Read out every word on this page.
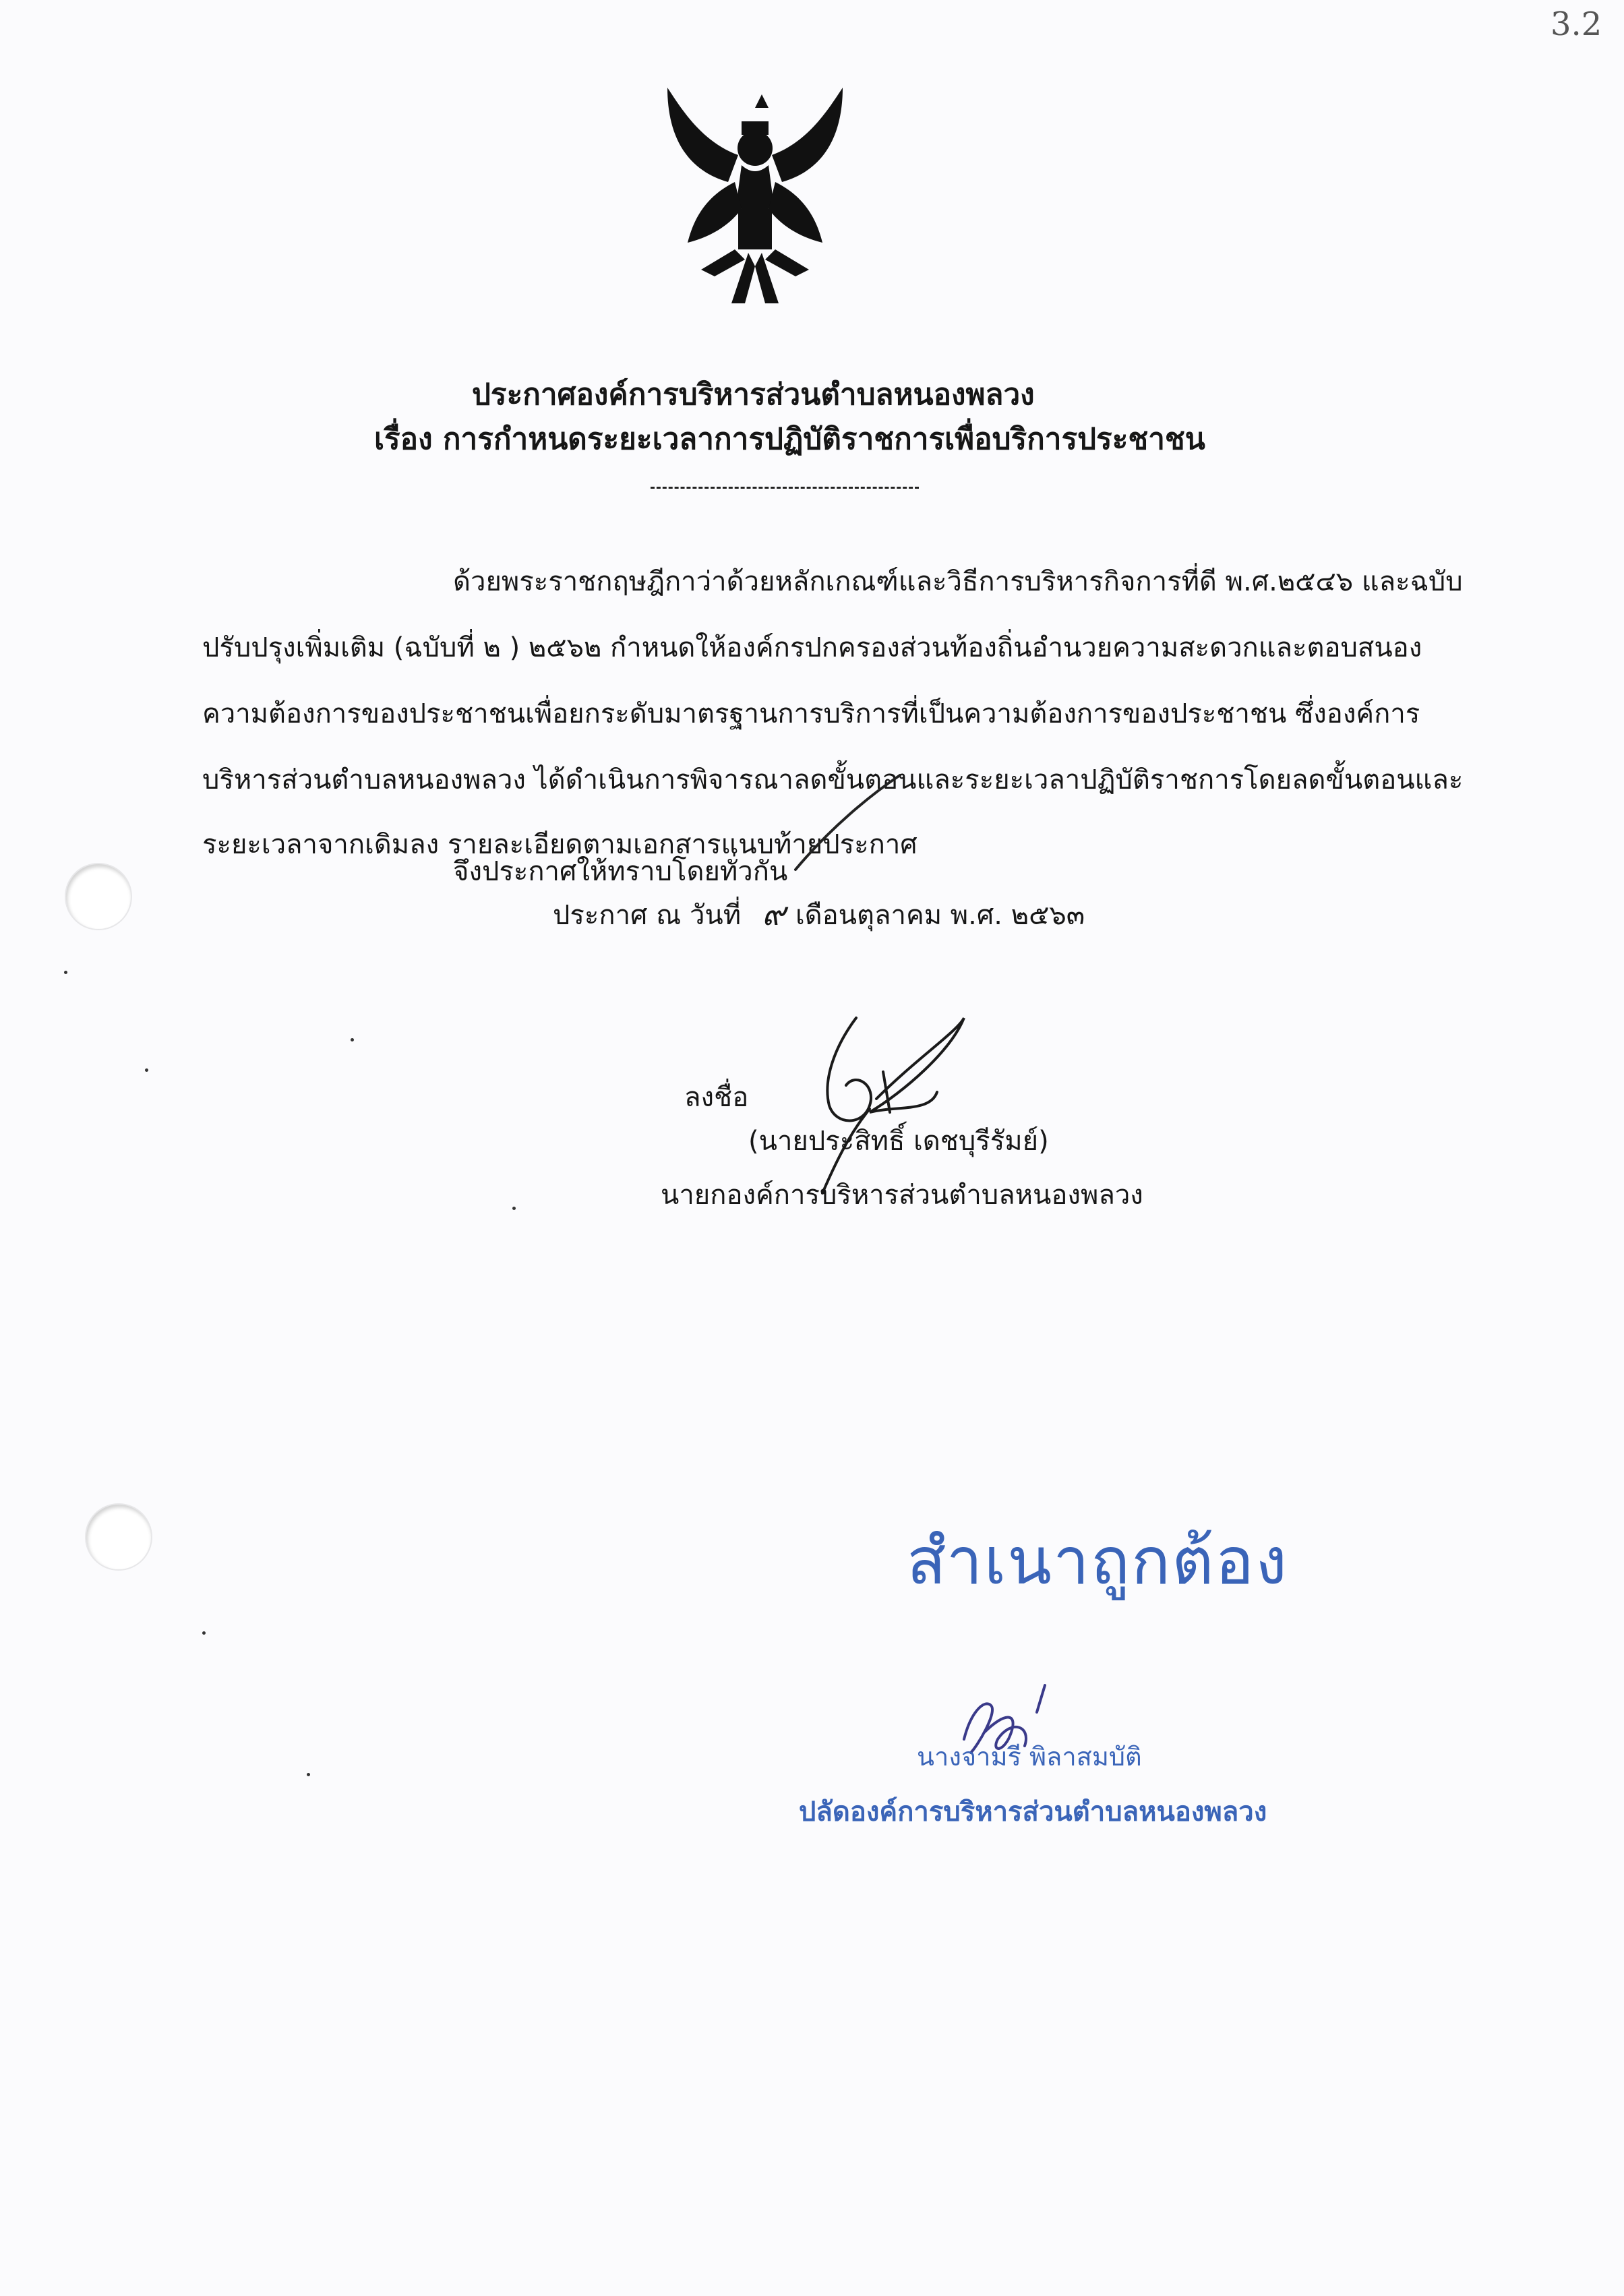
3.2
ประกาศองค์การบริหารส่วนตำบลหนองพลวง
เรื่อง การกำหนดระยะเวลาการปฏิบัติราชการเพื่อบริการประชาชน
ด้วยพระราชกฤษฎีกาว่าด้วยหลักเกณฑ์และวิธีการบริหารกิจการที่ดี พ.ศ.๒๕๔๖ และฉบับ
ปรับปรุงเพิ่มเติม (ฉบับที่ ๒ ) ๒๕๖๒ กำหนดให้องค์กรปกครองส่วนท้องถิ่นอำนวยความสะดวกและตอบสนอง
ความต้องการของประชาชนเพื่อยกระดับมาตรฐานการบริการที่เป็นความต้องการของประชาชน ซึ่งองค์การ
บริหารส่วนตำบลหนองพลวง ได้ดำเนินการพิจารณาลดขั้นตอนและระยะเวลาปฏิบัติราชการโดยลดขั้นตอนและ
ระยะเวลาจากเดิมลง รายละเอียดตามเอกสารแนบท้ายประกาศ
จึงประกาศให้ทราบโดยทั่วกัน
ประกาศ ณ วันที่ ๙ เดือนตุลาคม พ.ศ. ๒๕๖๓
ลงชื่อ
(นายประสิทธิ์ เดชบุรีรัมย์)
นายกองค์การบริหารส่วนตำบลหนองพลวง
สำเนาถูกต้อง
นางจามรี พิลาสมบัติ
ปลัดองค์การบริหารส่วนตำบลหนองพลวง
